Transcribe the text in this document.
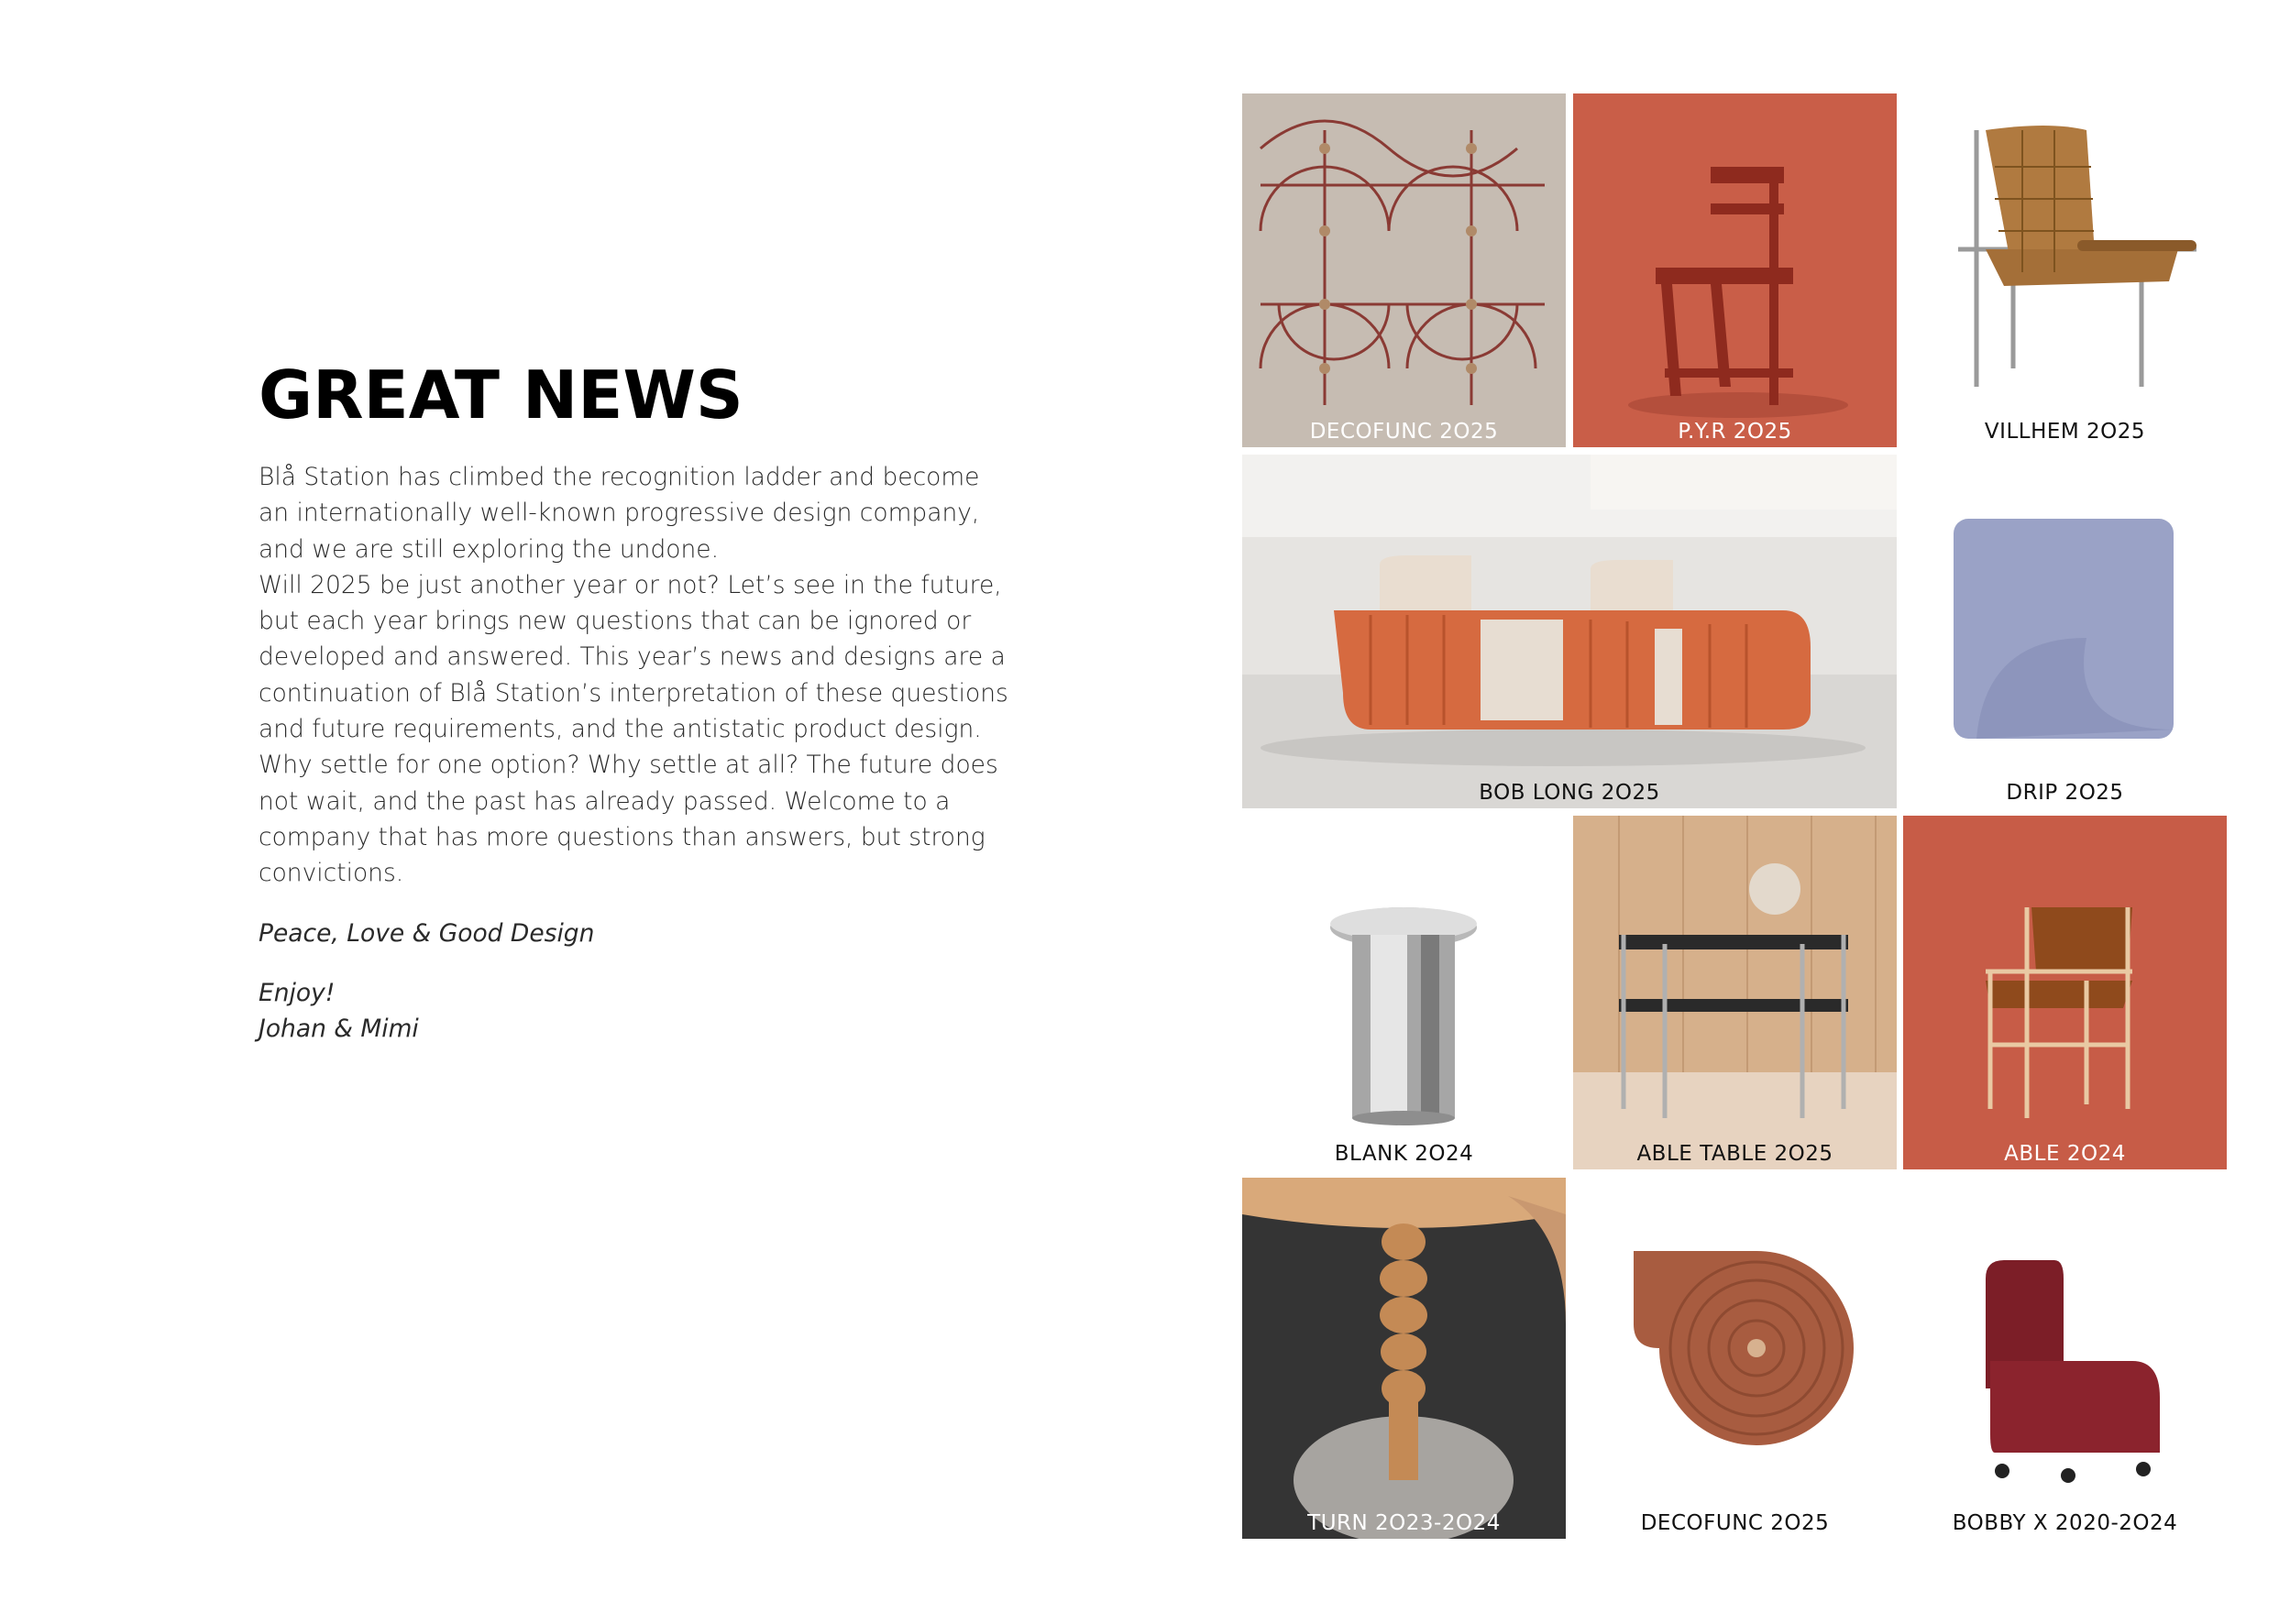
GREAT NEWS

Blå Station has climbed the recognition ladder and become an internationally well-known progressive design company, and we are still exploring the undone.

Will 2025 be just another year or not? Let’s see in the future, but each year brings new questions that can be ignored or developed and answered. This year’s news and designs are a continuation of Blå Station’s interpretation of these questions and future requirements, and the antistatic product design.

Why settle for one option? Why settle at all? The future does not wait, and the past has already passed. Welcome to a company that has more questions than answers, but strong convictions.

Peace, Love & Good Design

Enjoy!

Johan & Mimi

DECOFUNC 2O25	P.Y.R 2O25	VILLHEM 2O25
BOB LONG 2O25	DRIP 2O25
BLANK 2O24	ABLE TABLE 2O25	ABLE 2O24
TURN 2O23-2O24	DECOFUNC 2O25	BOBBY X 2020-2O24
